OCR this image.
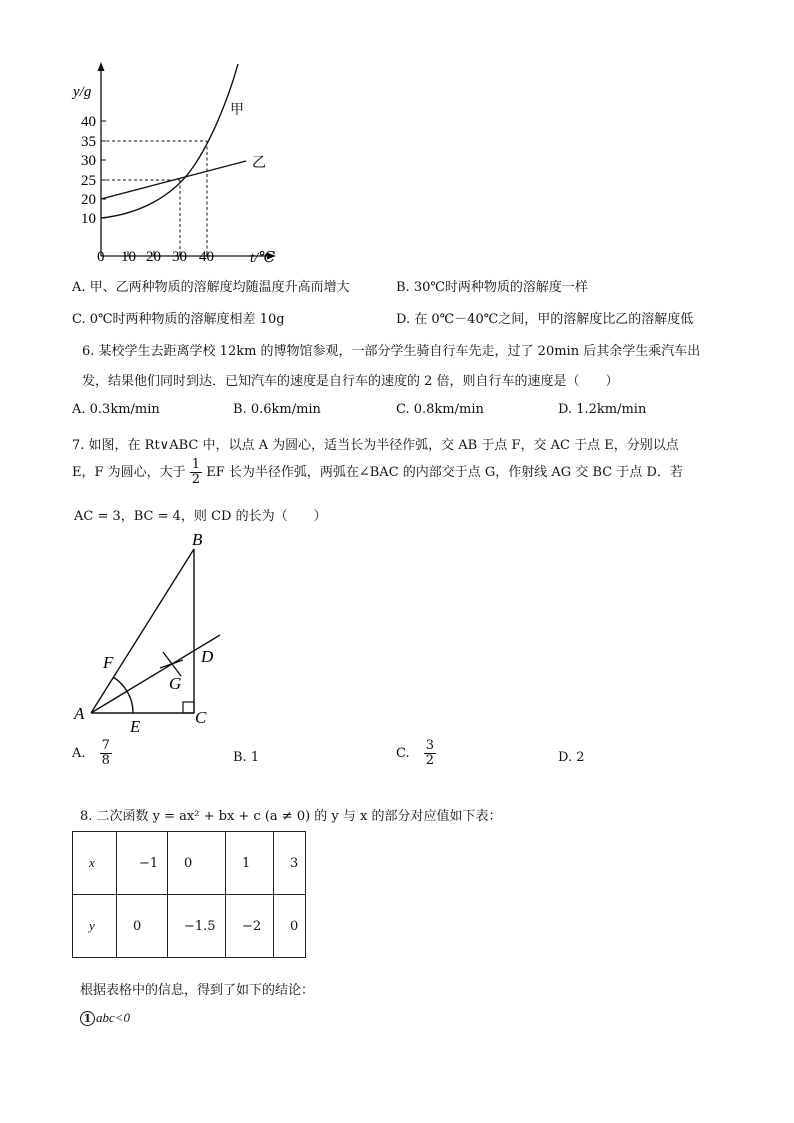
y/g
40
35
30
25
20
10
0 10 20 30 40 t/℃
甲
乙
A. 甲、乙两种物质的溶解度均随温度升高而增大	B. 30℃时两种物质的溶解度一样
C. 0℃时两种物质的溶解度相差 10g	D. 在 0℃－40℃之间，甲的溶解度比乙的溶解度低
6. 某校学生去距离学校 12km 的博物馆参观，一部分学生骑自行车先走，过了 20min 后其余学生乘汽车出
发，结果他们同时到达．已知汽车的速度是自行车的速度的 2 倍，则自行车的速度是（　　）
A. 0.3km/min	B. 0.6km/min	C. 0.8km/min	D. 1.2km/min
7. 如图，在 Rt∨ABC 中，以点 A 为圆心，适当长为半径作弧，交 AB 于点 F，交 AC 于点 E，分别以点
E，F 为圆心，大于 $\frac{1}{2}$ EF 长为半径作弧，两弧在∠BAC 的内部交于点 G，作射线 AG 交 BC 于点 D．若
AC = 3，BC = 4，则 CD 的长为（　　）
B
D
F
G
A
E	C
A. $\frac{7}{8}$	B. 1	C. $\frac{3}{2}$	D. 2
8. 二次函数 y = ax² + bx + c (a ≠ 0) 的 y 与 x 的部分对应值如下表：
x	−1	0	1	3
y	0	−1.5	−2	0
根据表格中的信息，得到了如下的结论：
1 abc<0
